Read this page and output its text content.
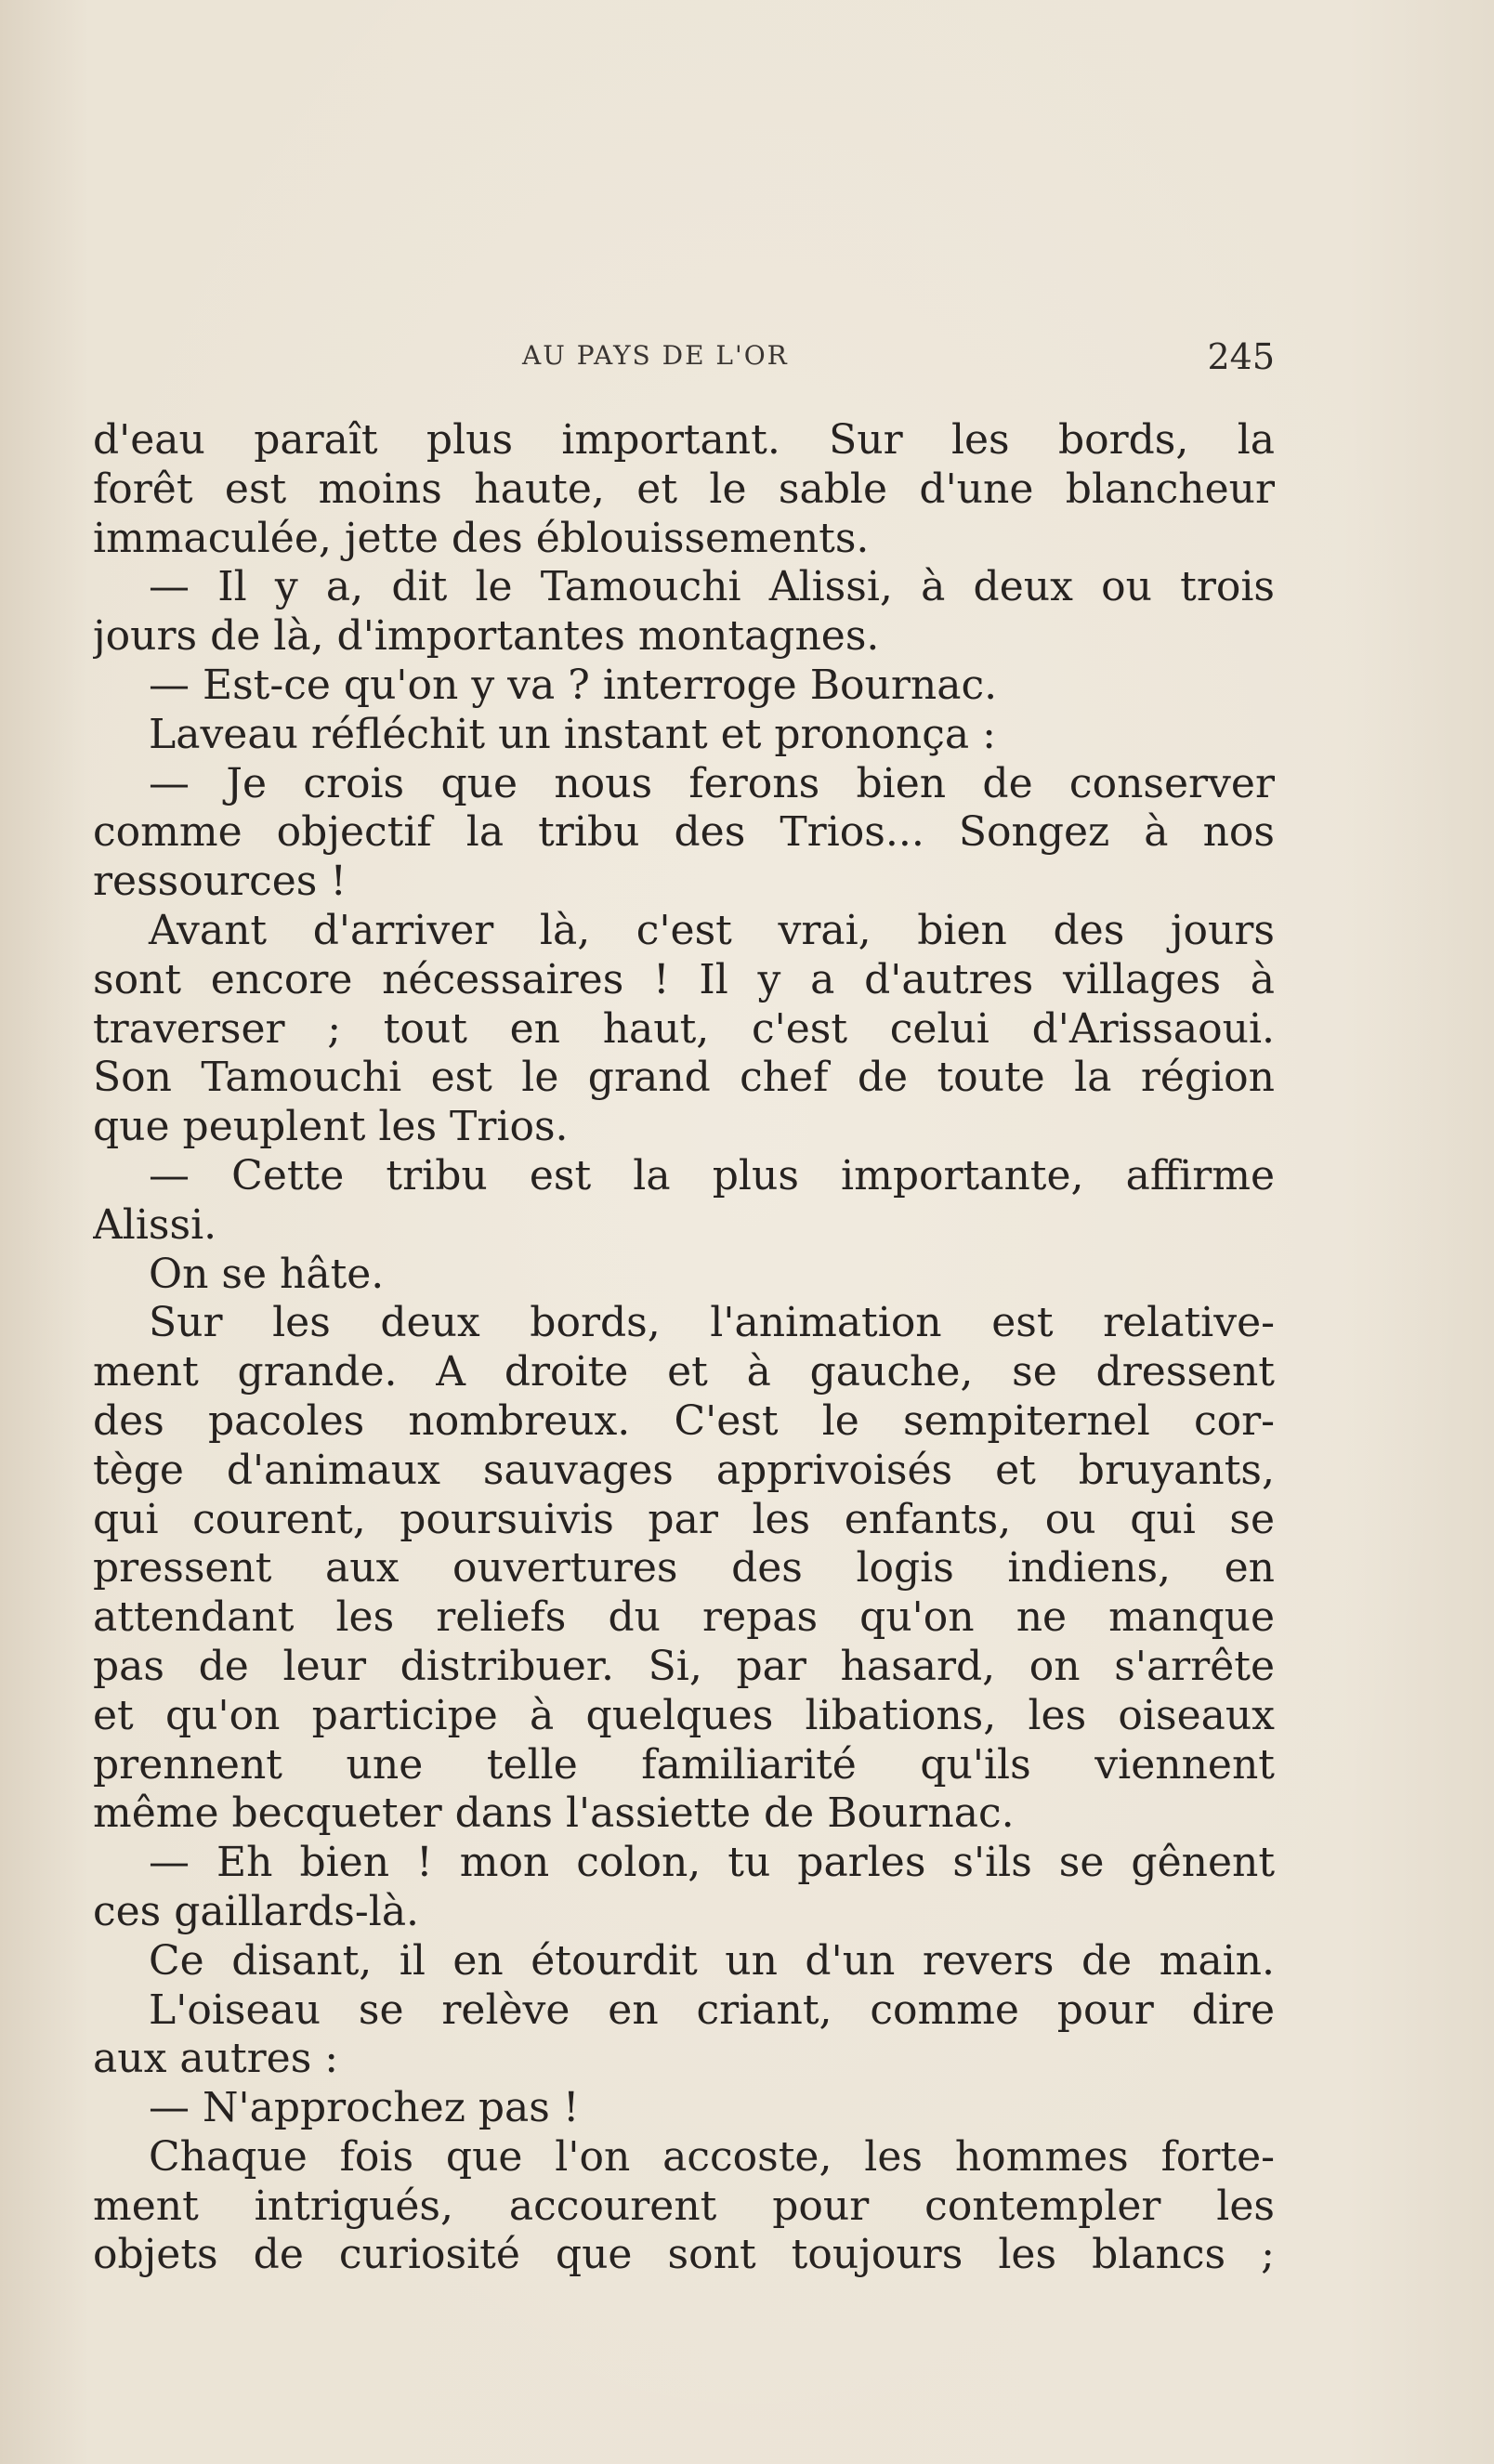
AU PAYS DE L'OR	245
d'eau paraît plus important. Sur les bords, la
forêt est moins haute, et le sable d'une blancheur
immaculée, jette des éblouissements.
— Il y a, dit le Tamouchi Alissi, à deux ou trois
jours de là, d'importantes montagnes.
— Est-ce qu'on y va ? interroge Bournac.
Laveau réfléchit un instant et prononça :
— Je crois que nous ferons bien de conserver
comme objectif la tribu des Trios... Songez à nos
ressources !
Avant d'arriver là, c'est vrai, bien des jours
sont encore nécessaires ! Il y a d'autres villages à
traverser ; tout en haut, c'est celui d'Arissaoui.
Son Tamouchi est le grand chef de toute la région
que peuplent les Trios.
— Cette tribu est la plus importante, affirme
Alissi.
On se hâte.
Sur les deux bords, l'animation est relative-
ment grande. A droite et à gauche, se dressent
des pacoles nombreux. C'est le sempiternel cor-
tège d'animaux sauvages apprivoisés et bruyants,
qui courent, poursuivis par les enfants, ou qui se
pressent aux ouvertures des logis indiens, en
attendant les reliefs du repas qu'on ne manque
pas de leur distribuer. Si, par hasard, on s'arrête
et qu'on participe à quelques libations, les oiseaux
prennent une telle familiarité qu'ils viennent
même becqueter dans l'assiette de Bournac.
— Eh bien ! mon colon, tu parles s'ils se gênent
ces gaillards-là.
Ce disant, il en étourdit un d'un revers de main.
L'oiseau se relève en criant, comme pour dire
aux autres :
— N'approchez pas !
Chaque fois que l'on accoste, les hommes forte-
ment intrigués, accourent pour contempler les
objets de curiosité que sont toujours les blancs ;
